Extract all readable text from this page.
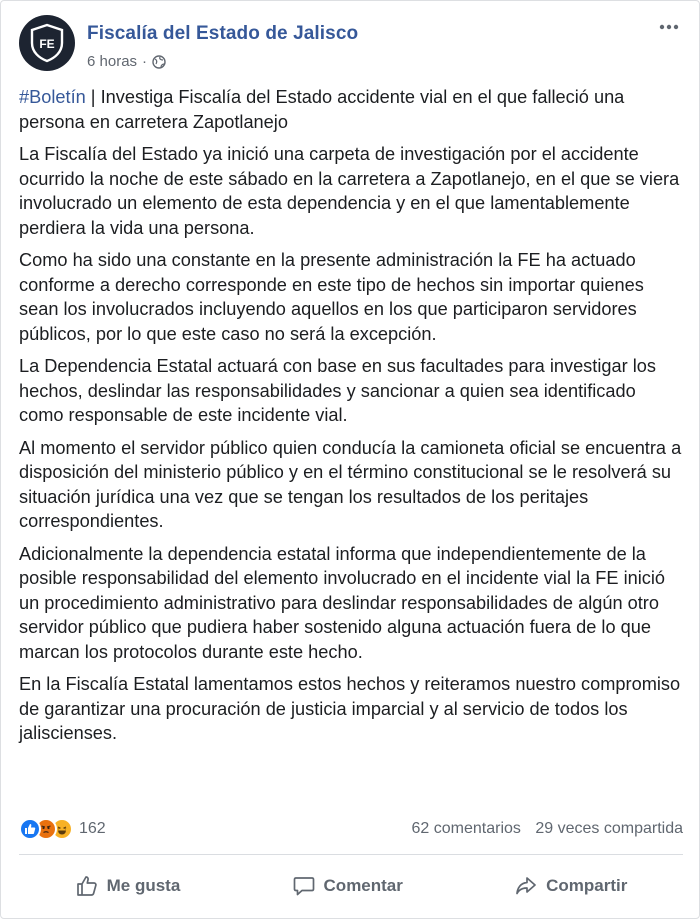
FE Fiscalía del Estado de Jalisco
6 horas ·

#Boletín | Investiga Fiscalía del Estado accidente vial en el que falleció una persona en carretera Zapotlanejo

La Fiscalía del Estado ya inició una carpeta de investigación por el accidente ocurrido la noche de este sábado en la carretera a Zapotlanejo, en el que se viera involucrado un elemento de esta dependencia y en el que lamentablemente perdiera la vida una persona.

Como ha sido una constante en la presente administración la FE ha actuado conforme a derecho corresponde en este tipo de hechos sin importar quienes sean los involucrados incluyendo aquellos en los que participaron servidores públicos, por lo que este caso no será la excepción.

La Dependencia Estatal actuará con base en sus facultades para investigar los hechos, deslindar las responsabilidades y sancionar a quien sea identificado como responsable de este incidente vial.

Al momento el servidor público quien conducía la camioneta oficial se encuentra a disposición del ministerio público y en el término constitucional se le resolverá su situación jurídica una vez que se tengan los resultados de los peritajes correspondientes.

Adicionalmente la dependencia estatal informa que independientemente de la posible responsabilidad del elemento involucrado en el incidente vial la FE inició un procedimiento administrativo para deslindar responsabilidades de algún otro servidor público que pudiera haber sostenido alguna actuación fuera de lo que marcan los protocolos durante este hecho.

En la Fiscalía Estatal lamentamos estos hechos y reiteramos nuestro compromiso de garantizar una procuración de justicia imparcial y al servicio de todos los jaliscienses.

162	62 comentarios 29 veces compartida
Me gusta	Comentar	Compartir
